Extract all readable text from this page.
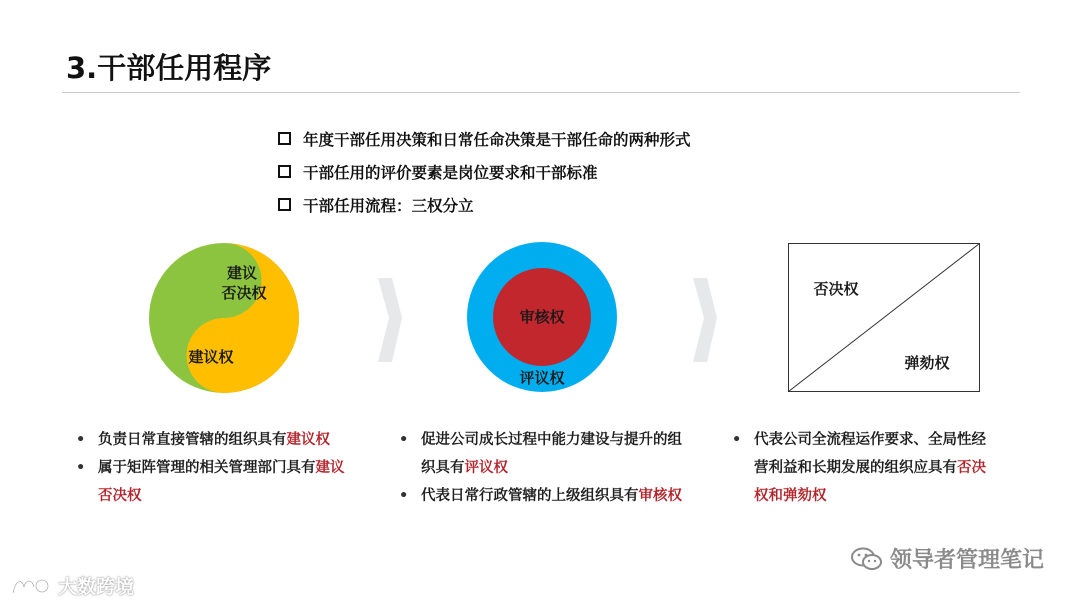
3.干部任用程序
年度干部任用决策和日常任命决策是干部任命的两种形式
干部任用的评价要素是岗位要求和干部标准
干部任用流程：三权分立
建议
否决权
建议权
审核权
评议权
否决权
弹劾权
• 负责日常直接管辖的组织具有建议权
• 属于矩阵管理的相关管理部门具有建议
否决权
• 促进公司成长过程中能力建设与提升的组
织具有评议权
• 代表日常行政管辖的上级组织具有审核权
• 代表公司全流程运作要求、全局性经
营利益和长期发展的组织应具有否决
权和弹劾权
领导者管理笔记
大数跨境
